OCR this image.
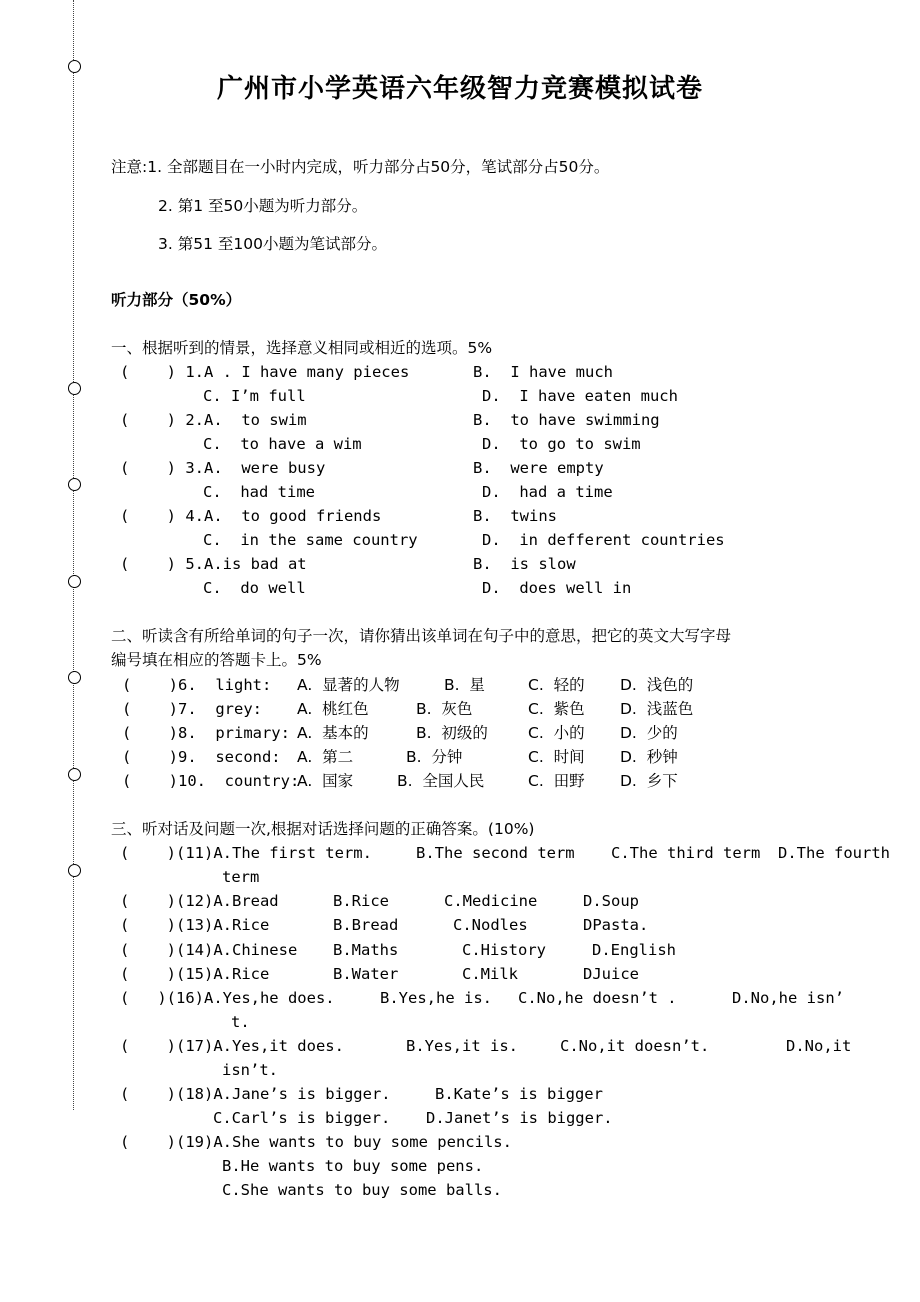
广州市小学英语六年级智力竞赛模拟试卷
注意:1. 全部题目在一小时内完成，听力部分占50分，笔试部分占50分。
2. 第1 至50小题为听力部分。
3. 第51 至100小题为笔试部分。
听力部分（50%）
一、根据听到的情景，选择意义相同或相近的选项。5%
(    ) 1.A . I have many pieces	B.  I have much
C. I’m full	D.  I have eaten much
(    ) 2.A.  to swim	B.  to have swimming
C.  to have a wim	D.  to go to swim
(    ) 3.A.  were busy	B.  were empty
C.  had time	D.  had a time
(    ) 4.A.  to good friends	B.  twins
C.  in the same country	D.  in defferent countries
(    ) 5.A.is bad at	B.  is slow
C.  do well	D.  does well in
二、听读含有所给单词的句子一次，请你猜出该单词在句子中的意思，把它的英文大写字母
编号填在相应的答题卡上。5%
(    )6.  light: A.  显著的人物	B.  星	C.  轻的 D.  浅色的
(    )7.  grey: A.  桃红色	B.  灰色	C.  紫色 D.  浅蓝色
(    )8.  primary: A.  基本的	B.  初级的	C.  小的 D.  少的
(    )9.  second: A.  第二	B.  分钟	C.  时间 D.  秒钟
(    )10.  country:
A.  国家	B.  全国人民	C.  田野 D.  乡下
三、听对话及问题一次,根据对话选择问题的正确答案。(10%)
(    )(11)A.The first term.	B.The second term C.The third term D.The fourth
term
(    )(12)A.Bread	B.Rice	C.Medicine	D.Soup
(    )(13)A.Rice	B.Bread	C.Nodles	DPasta.
(    )(14)A.Chinese B.Maths	C.History	D.English
(    )(15)A.Rice	B.Water	C.Milk	DJuice
(   )(16)A.Yes,he does.	B.Yes,he is. C.No,he doesn’t .	D.No,he isn’
t.
(    )(17)A.Yes,it does.	B.Yes,it is.	C.No,it doesn’t.	D.No,it
isn’t.
(    )(18)A.Jane’s is bigger.	B.Kate’s is bigger
C.Carl’s is bigger. D.Janet’s is bigger.
(    )(19)A.She wants to buy some pencils.
B.He wants to buy some pens.
C.She wants to buy some balls.
